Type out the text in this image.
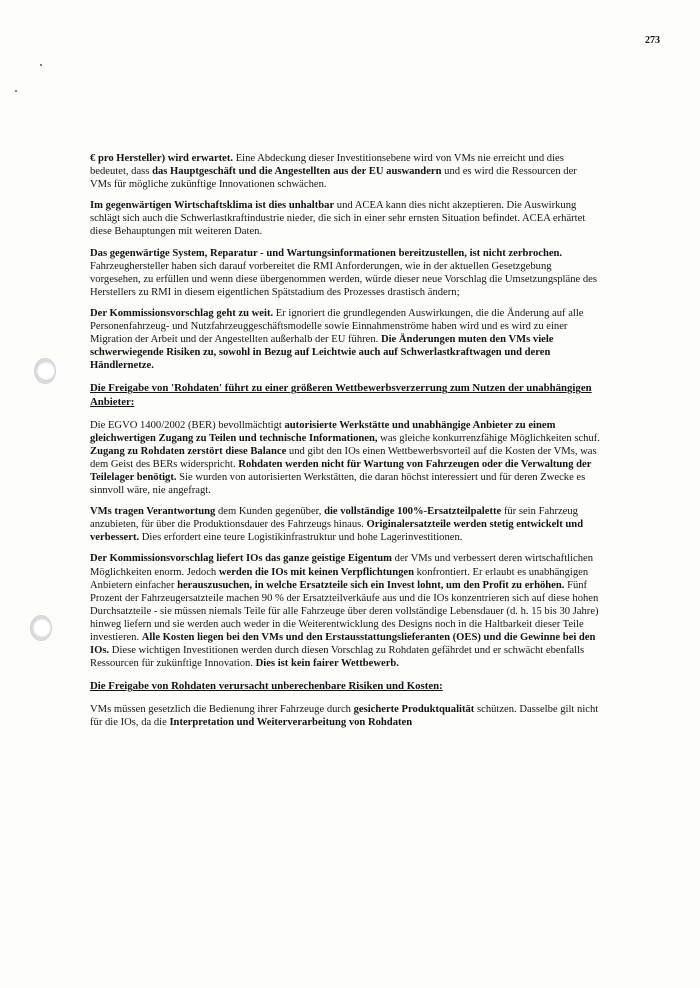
273

€ pro Hersteller) wird erwartet. Eine Abdeckung dieser Investitionsebene wird von VMs nie erreicht und dies bedeutet, dass das Hauptgeschäft und die Angestellten aus der EU auswandern und es wird die Ressourcen der VMs für mögliche zukünftige Innovationen schwächen.

Im gegenwärtigen Wirtschaftsklima ist dies unhaltbar und ACEA kann dies nicht akzeptieren. Die Auswirkung schlägt sich auch die Schwerlastkraftindustrie nieder, die sich in einer sehr ernsten Situation befindet. ACEA erhärtet diese Behauptungen mit weiteren Daten.

Das gegenwärtige System, Reparatur - und Wartungsinformationen bereitzustellen, ist nicht zerbrochen. Fahrzeughersteller haben sich darauf vorbereitet die RMI Anforderungen, wie in der aktuellen Gesetzgebung vorgesehen, zu erfüllen und wenn diese übergenommen werden, würde dieser neue Vorschlag die Umsetzungspläne des Herstellers zu RMI in diesem eigentlichen Spätstadium des Prozesses drastisch ändern;

Der Kommissionsvorschlag geht zu weit. Er ignoriert die grundlegenden Auswirkungen, die die Änderung auf alle Personenfahrzeug- und Nutzfahrzeuggeschäftsmodelle sowie Einnahmenströme haben wird und es wird zu einer Migration der Arbeit und der Angestellten außerhalb der EU führen. Die Änderungen muten den VMs viele schwerwiegende Risiken zu, sowohl in Bezug auf Leichtwie auch auf Schwerlastkraftwagen und deren Händlernetze.

Die Freigabe von 'Rohdaten' führt zu einer größeren Wettbewerbsverzerrung zum Nutzen der unabhängigen Anbieter:

Die EGVO 1400/2002 (BER) bevollmächtigt autorisierte Werkstätte und unabhängige Anbieter zu einem gleichwertigen Zugang zu Teilen und technische Informationen, was gleiche konkurrenzfähige Möglichkeiten schuf. Zugang zu Rohdaten zerstört diese Balance und gibt den IOs einen Wettbewerbsvorteil auf die Kosten der VMs, was dem Geist des BERs widerspricht. Rohdaten werden nicht für Wartung von Fahrzeugen oder die Verwaltung der Teilelager benötigt. Sie wurden von autorisierten Werkstätten, die daran höchst interessiert und für deren Zwecke es sinnvoll wäre, nie angefragt.

VMs tragen Verantwortung dem Kunden gegenüber, die vollständige 100%-Ersatzteilpalette für sein Fahrzeug anzubieten, für über die Produktionsdauer des Fahrzeugs hinaus. Originalersatzteile werden stetig entwickelt und verbessert. Dies erfordert eine teure Logistikinfrastruktur und hohe Lagerinvestitionen.

Der Kommissionsvorschlag liefert IOs das ganze geistige Eigentum der VMs und verbessert deren wirtschaftlichen Möglichkeiten enorm. Jedoch werden die IOs mit keinen Verpflichtungen konfrontiert. Er erlaubt es unabhängigen Anbietern einfacher herauszusuchen, in welche Ersatzteile sich ein Invest lohnt, um den Profit zu erhöhen. Fünf Prozent der Fahrzeugersatzteile machen 90 % der Ersatzteilverkäufe aus und die IOs konzentrieren sich auf diese hohen Durchsatzteile - sie müssen niemals Teile für alle Fahrzeuge über deren vollständige Lebensdauer (d. h. 15 bis 30 Jahre) hinweg liefern und sie werden auch weder in die Weiterentwicklung des Designs noch in die Haltbarkeit dieser Teile investieren. Alle Kosten liegen bei den VMs und den Erstausstattungslieferanten (OES) und die Gewinne bei den IOs. Diese wichtigen Investitionen werden durch diesen Vorschlag zu Rohdaten gefährdet und er schwächt ebenfalls Ressourcen für zukünftige Innovation. Dies ist kein fairer Wettbewerb.

Die Freigabe von Rohdaten verursacht unberechenbare Risiken und Kosten:

VMs müssen gesetzlich die Bedienung ihrer Fahrzeuge durch gesicherte Produktqualität schützen. Dasselbe gilt nicht für die IOs, da die Interpretation und Weiterverarbeitung von Rohdaten
